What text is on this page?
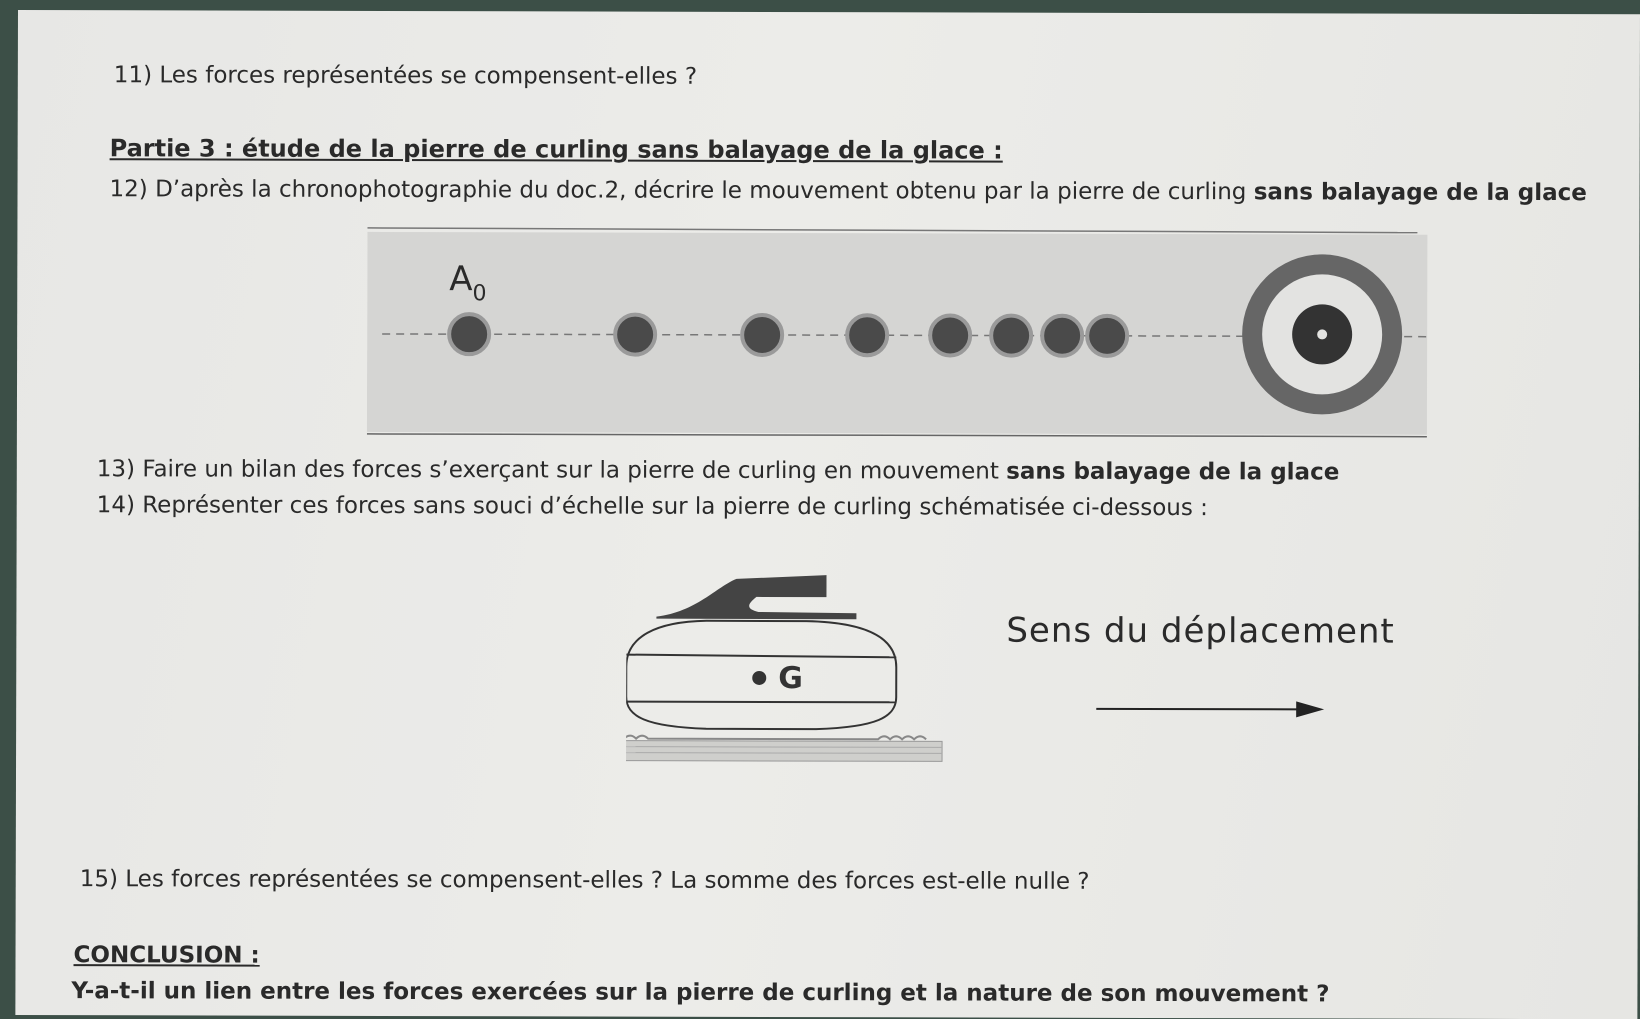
11) Les forces représentées se compensent-elles ?
Partie 3 : étude de la pierre de curling sans balayage de la glace :
12) D’après la chronophotographie du doc.2, décrire le mouvement obtenu par la pierre de curling sans balayage de la glace
$A_0$
13) Faire un bilan des forces s’exerçant sur la pierre de curling en mouvement sans balayage de la glace
14) Représenter ces forces sans souci d’échelle sur la pierre de curling schématisée ci-dessous :
G
Sens du déplacement
15) Les forces représentées se compensent-elles ? La somme des forces est-elle nulle ?
CONCLUSION :
Y-a-t-il un lien entre les forces exercées sur la pierre de curling et la nature de son mouvement ?
